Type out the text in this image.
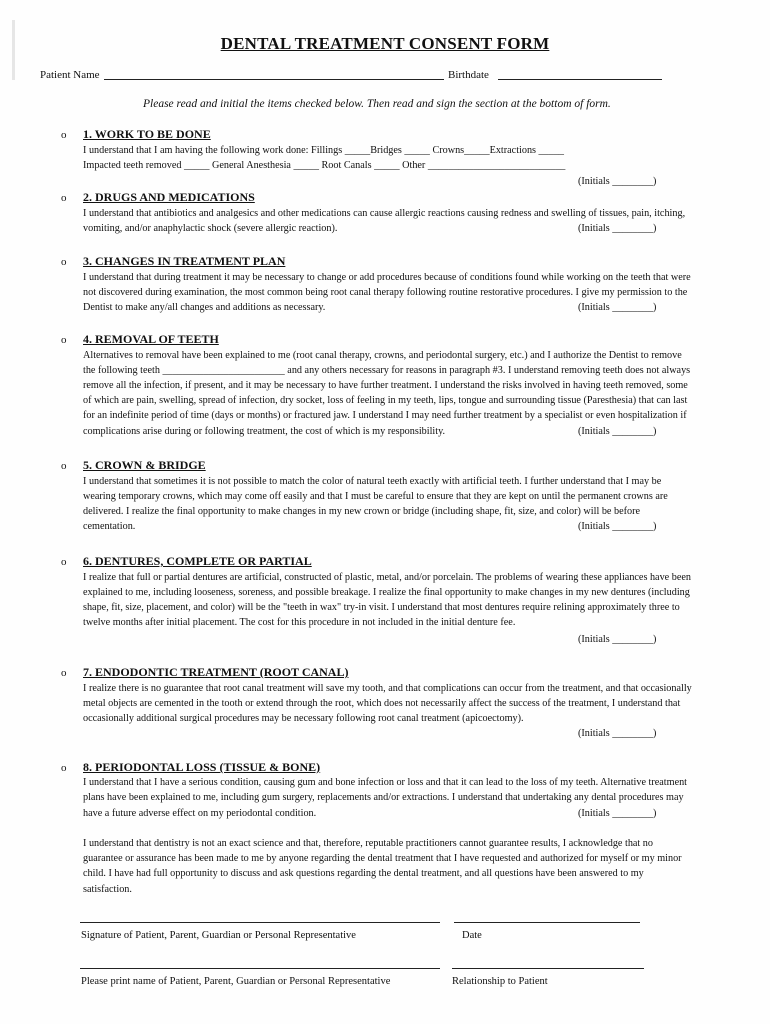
DENTAL TREATMENT CONSENT FORM
Patient Name	Birthdate
Please read and initial the items checked below. Then read and sign the section at the bottom of form.
o 1. WORK TO BE DONE
I understand that I am having the following work done: Fillings _____Bridges _____ Crowns_____Extractions _____
Impacted teeth removed _____ General Anesthesia _____ Root Canals _____ Other ___________________________
(Initials ________)
o 2. DRUGS AND MEDICATIONS
I understand that antibiotics and analgesics and other medications can cause allergic reactions causing redness and swelling of tissues, pain, itching,
vomiting, and/or anaphylactic shock (severe allergic reaction).	(Initials ________)
o 3. CHANGES IN TREATMENT PLAN
I understand that during treatment it may be necessary to change or add procedures because of conditions found while working on the teeth that were
not discovered during examination, the most common being root canal therapy following routine restorative procedures. I give my permission to the
Dentist to make any/all changes and additions as necessary.	(Initials ________)
o 4. REMOVAL OF TEETH
Alternatives to removal have been explained to me (root canal therapy, crowns, and periodontal surgery, etc.) and I authorize the Dentist to remove
the following teeth ________________________ and any others necessary for reasons in paragraph #3. I understand removing teeth does not always
remove all the infection, if present, and it may be necessary to have further treatment. I understand the risks involved in having teeth removed, some
of which are pain, swelling, spread of infection, dry socket, loss of feeling in my teeth, lips, tongue and surrounding tissue (Paresthesia) that can last
for an indefinite period of time (days or months) or fractured jaw. I understand I may need further treatment by a specialist or even hospitalization if
complications arise during or following treatment, the cost of which is my responsibility.	(Initials ________)
o 5. CROWN & BRIDGE
I understand that sometimes it is not possible to match the color of natural teeth exactly with artificial teeth. I further understand that I may be
wearing temporary crowns, which may come off easily and that I must be careful to ensure that they are kept on until the permanent crowns are
delivered. I realize the final opportunity to make changes in my new crown or bridge (including shape, fit, size, and color) will be before
cementation.	(Initials ________)
o 6. DENTURES, COMPLETE OR PARTIAL
I realize that full or partial dentures are artificial, constructed of plastic, metal, and/or porcelain. The problems of wearing these appliances have been
explained to me, including looseness, soreness, and possible breakage. I realize the final opportunity to make changes in my new dentures (including
shape, fit, size, placement, and color) will be the "teeth in wax" try-in visit. I understand that most dentures require relining approximately three to
twelve months after initial placement. The cost for this procedure in not included in the initial denture fee.
(Initials ________)
o 7. ENDODONTIC TREATMENT (ROOT CANAL)
I realize there is no guarantee that root canal treatment will save my tooth, and that complications can occur from the treatment, and that occasionally
metal objects are cemented in the tooth or extend through the root, which does not necessarily affect the success of the treatment, I understand that
occasionally additional surgical procedures may be necessary following root canal treatment (apicoectomy).
(Initials ________)
o 8. PERIODONTAL LOSS (TISSUE & BONE)
I understand that I have a serious condition, causing gum and bone infection or loss and that it can lead to the loss of my teeth. Alternative treatment
plans have been explained to me, including gum surgery, replacements and/or extractions. I understand that undertaking any dental procedures may
have a future adverse effect on my periodontal condition.	(Initials ________)
I understand that dentistry is not an exact science and that, therefore, reputable practitioners cannot guarantee results, I acknowledge that no
guarantee or assurance has been made to me by anyone regarding the dental treatment that I have requested and authorized for myself or my minor
child. I have had full opportunity to discuss and ask questions regarding the dental treatment, and all questions have been answered to my
satisfaction.
Signature of Patient, Parent, Guardian or Personal Representative	Date
Please print name of Patient, Parent, Guardian or Personal Representative	Relationship to Patient
